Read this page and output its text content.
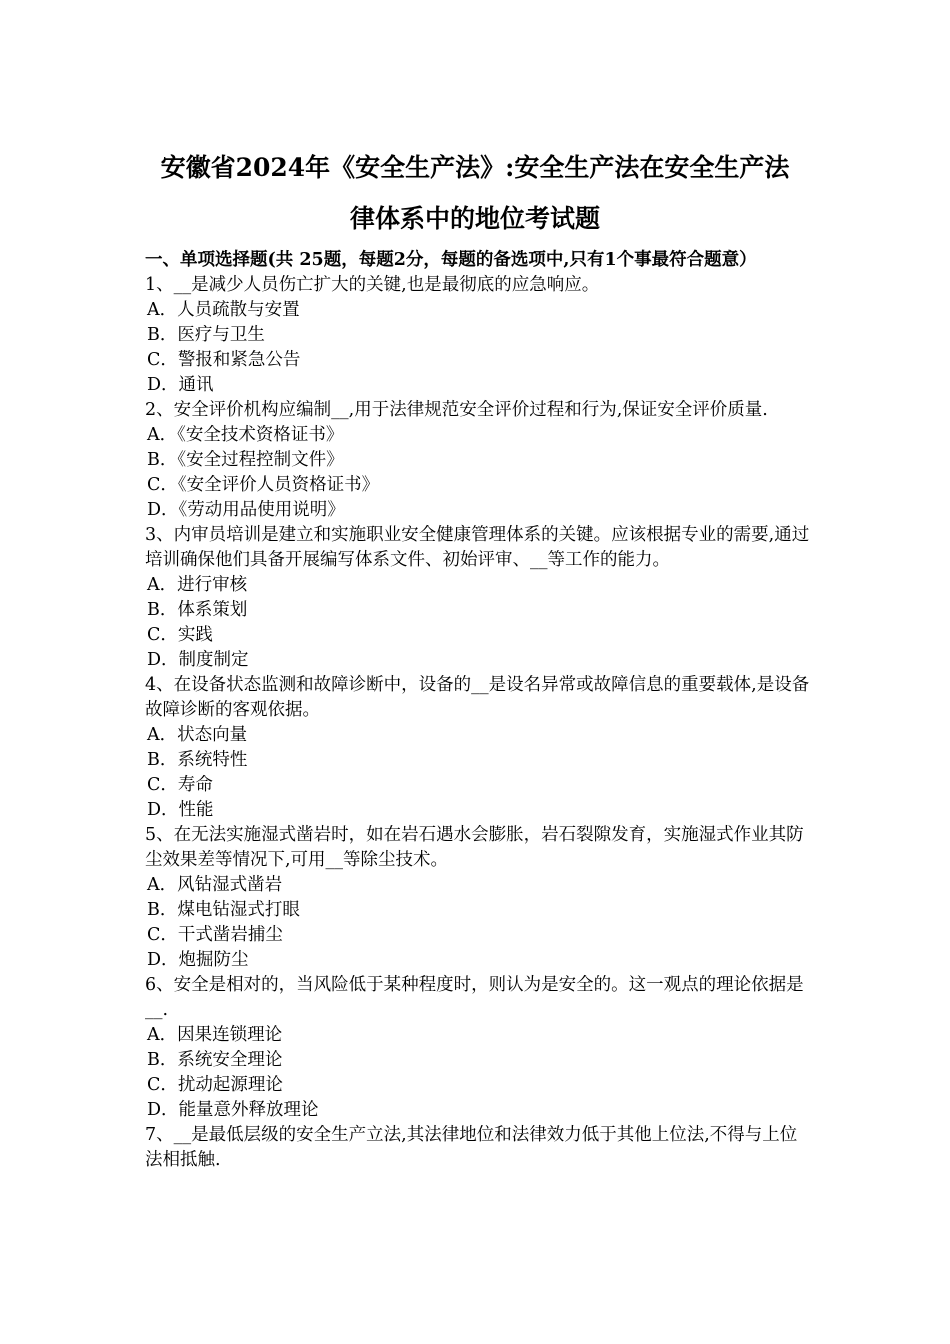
安徽省2024年《安全生产法》:安全生产法在安全生产法
律体系中的地位考试题

一、单项选择题(共 25题，每题2分，每题的备选项中,只有1个事最符合题意）

1、__是减少人员伤亡扩大的关键,也是最彻底的应急响应。

A．人员疏散与安置

B．医疗与卫生

C．警报和紧急公告

D．通讯

2、安全评价机构应编制__,用于法律规范安全评价过程和行为,保证安全评价质量.

A．《安全技术资格证书》

B．《安全过程控制文件》

C．《安全评价人员资格证书》

D．《劳动用品使用说明》

3、内审员培训是建立和实施职业安全健康管理体系的关键。应该根据专业的需要,通过培训确保他们具备开展编写体系文件、初始评审、__等工作的能力。

A．进行审核

B．体系策划

C．实践

D．制度制定

4、在设备状态监测和故障诊断中，设备的__是设名异常或故障信息的重要载体,是设备故障诊断的客观依据。

A．状态向量

B．系统特性

C．寿命

D．性能

5、在无法实施湿式凿岩时，如在岩石遇水会膨胀，岩石裂隙发育，实施湿式作业其防尘效果差等情况下,可用__等除尘技术。

A．风钻湿式凿岩

B．煤电钻湿式打眼

C．干式凿岩捕尘

D．炮掘防尘

6、安全是相对的，当风险低于某种程度时，则认为是安全的。这一观点的理论依据是__.

A．因果连锁理论

B．系统安全理论

C．扰动起源理论

D．能量意外释放理论

7、__是最低层级的安全生产立法,其法律地位和法律效力低于其他上位法,不得与上位法相抵触.
